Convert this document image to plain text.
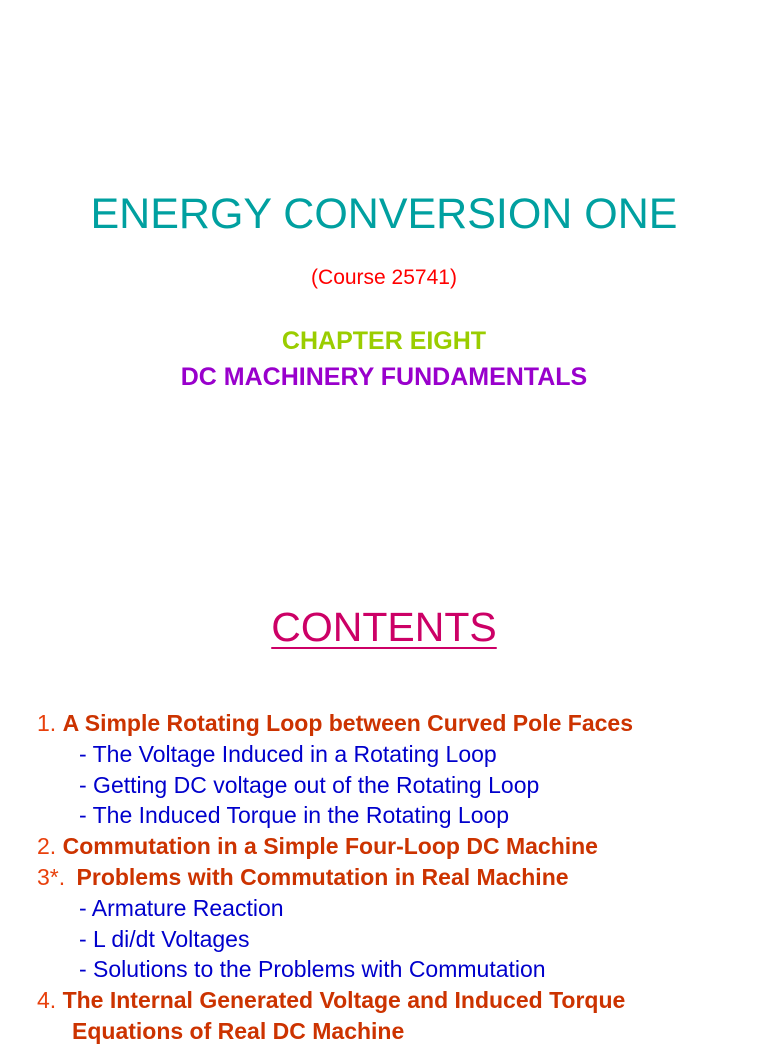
ENERGY CONVERSION ONE
(Course 25741)
CHAPTER EIGHT
DC MACHINERY FUNDAMENTALS
CONTENTS
1. A Simple Rotating Loop between Curved Pole Faces
- The Voltage Induced in a Rotating Loop
- Getting DC voltage out of the Rotating Loop
- The Induced Torque in the Rotating Loop
2. Commutation in a Simple Four-Loop DC Machine
3*. Problems with Commutation in Real Machine
- Armature Reaction
- L di/dt Voltages
- Solutions to the Problems with Commutation
4. The Internal Generated Voltage and Induced Torque
Equations of Real DC Machine
